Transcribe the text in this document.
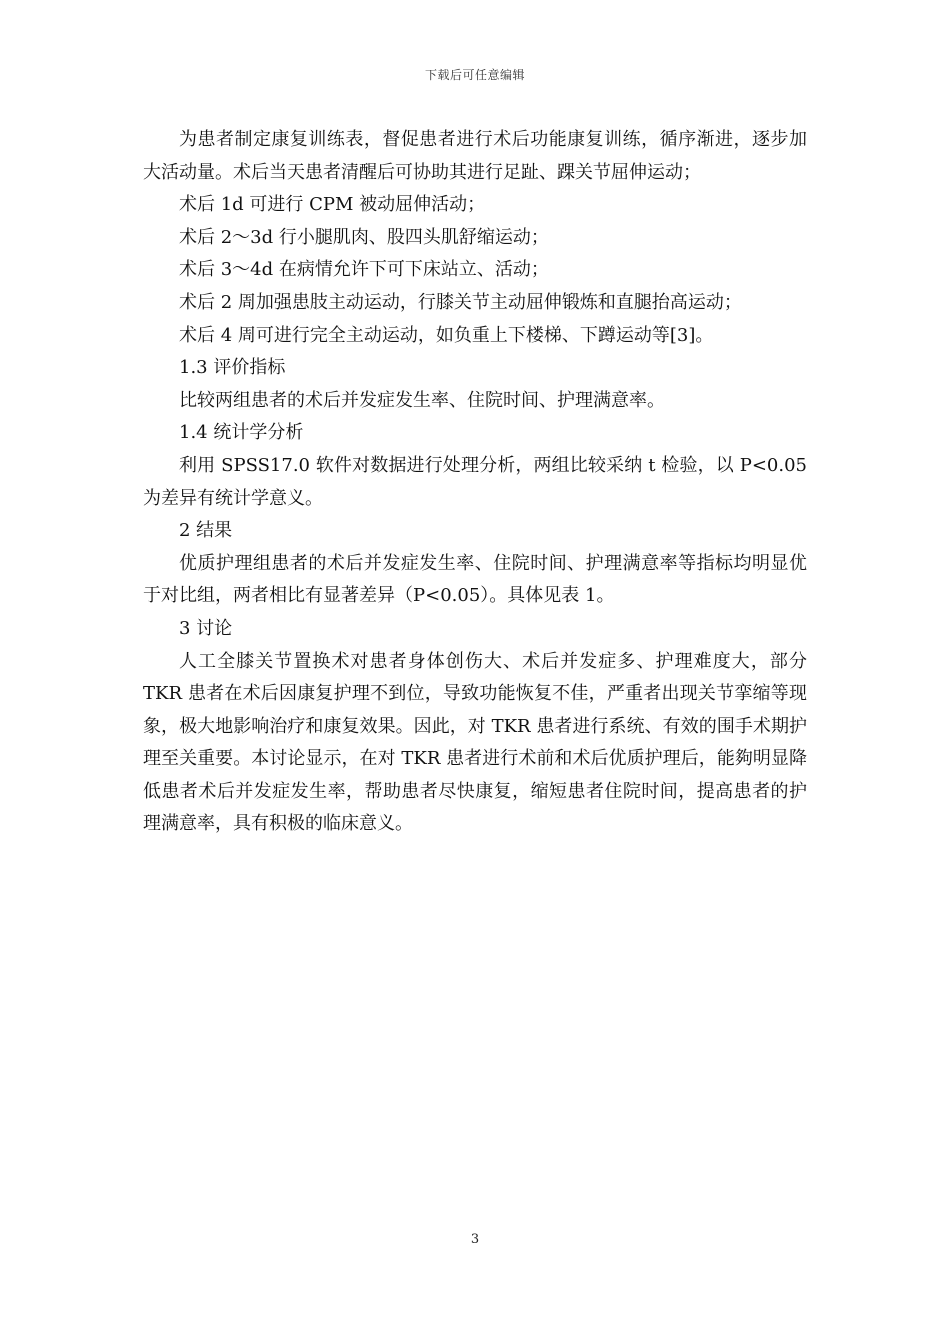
下载后可任意编辑

为患者制定康复训练表，督促患者进行术后功能康复训练，循序渐进，逐步加大活动量。术后当天患者清醒后可协助其进行足趾、踝关节屈伸运动；

术后 1d 可进行 CPM 被动屈伸活动；

术后 2～3d 行小腿肌肉、股四头肌舒缩运动；

术后 3～4d 在病情允许下可下床站立、活动；

术后 2 周加强患肢主动运动，行膝关节主动屈伸锻炼和直腿抬高运动；

术后 4 周可进行完全主动运动，如负重上下楼梯、下蹲运动等[3]。

1.3 评价指标

比较两组患者的术后并发症发生率、住院时间、护理满意率。

1.4 统计学分析

利用 SPSS17.0 软件对数据进行处理分析，两组比较采纳 t 检验，以 P<0.05 为差异有统计学意义。

2 结果

优质护理组患者的术后并发症发生率、住院时间、护理满意率等指标均明显优于对比组，两者相比有显著差异（P<0.05）。具体见表 1。

3 讨论

人工全膝关节置换术对患者身体创伤大、术后并发症多、护理难度大，部分 TKR 患者在术后因康复护理不到位，导致功能恢复不佳，严重者出现关节挛缩等现象，极大地影响治疗和康复效果。因此，对 TKR 患者进行系统、有效的围手术期护理至关重要。本讨论显示，在对 TKR 患者进行术前和术后优质护理后，能夠明显降低患者术后并发症发生率，帮助患者尽快康复，缩短患者住院时间，提高患者的护理满意率，具有积极的临床意义。

3
